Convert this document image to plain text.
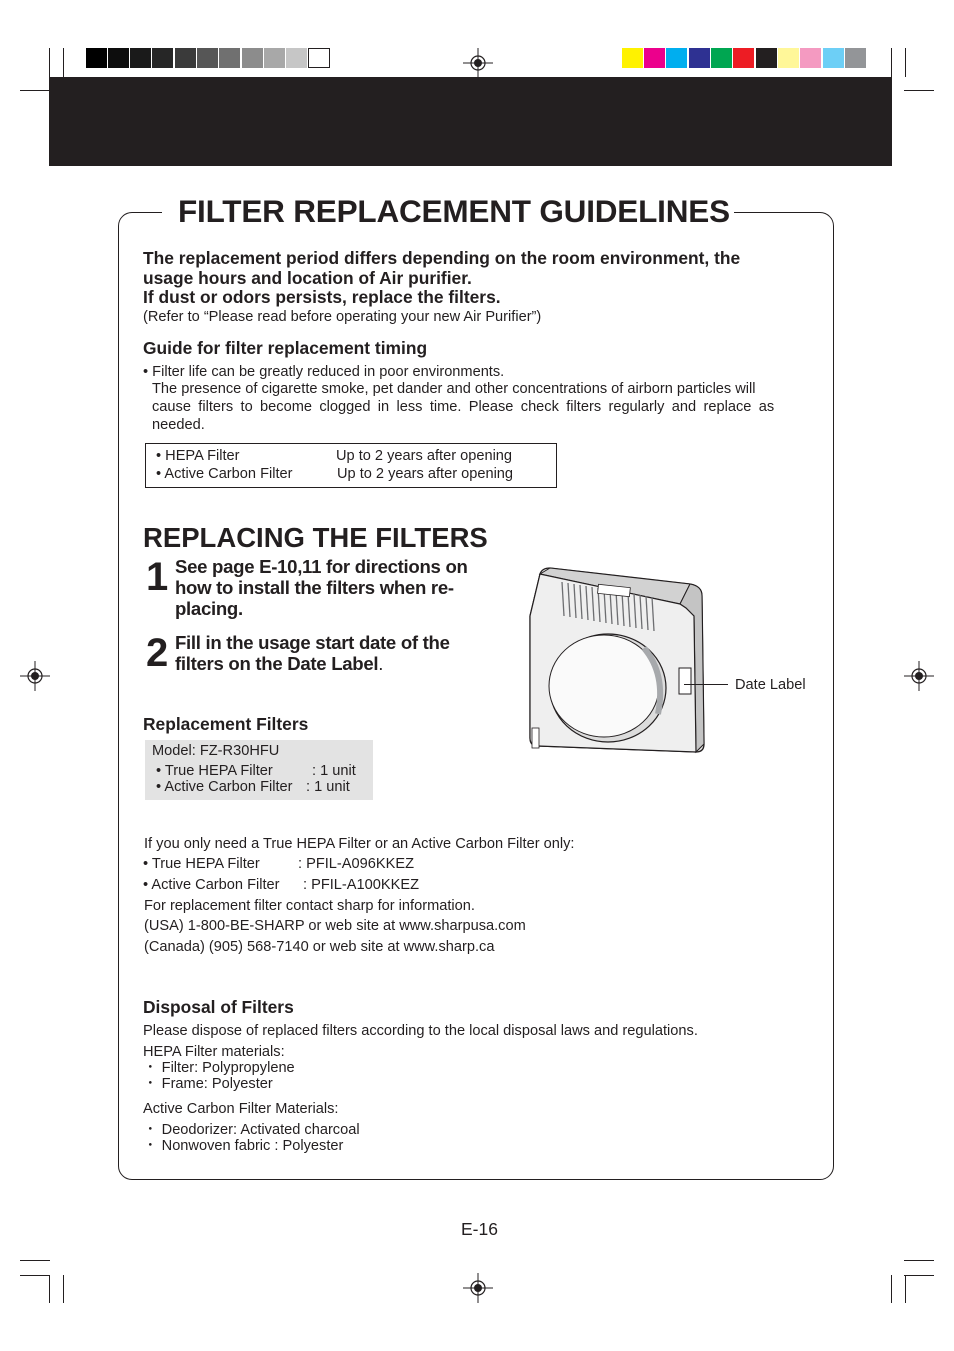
FILTER REPLACEMENT GUIDELINES
The replacement period differs depending on the room environment, the
usage hours and location of Air purifier.
If dust or odors persists, replace the filters.
(Refer to “Please read before operating your new Air Purifier”)
Guide for filter replacement timing
• Filter life can be greatly reduced in poor environments.
The presence of cigarette smoke, pet dander and other concentrations of airborn particles will
cause filters to become clogged in less time. Please check filters regularly and replace as
needed.
• HEPA Filter	Up to 2 years after opening
• Active Carbon Filter	Up to 2 years after opening
REPLACING THE FILTERS
1 See page E-10,11 for directions on
how to install the filters when re-
placing.
2 Fill in the usage start date of the
filters on the Date Label.
Date Label
Replacement Filters
Model: FZ-R30HFU
• True HEPA Filter	: 1 unit
• Active Carbon Filter : 1 unit
If you only need a True HEPA Filter or an Active Carbon Filter only:
• True HEPA Filter	: PFIL-A096KKEZ
• Active Carbon Filter : PFIL-A100KKEZ
For replacement filter contact sharp for information.
(USA) 1-800-BE-SHARP or web site at www.sharpusa.com
(Canada) (905) 568-7140 or web site at www.sharp.ca
Disposal of Filters
Please dispose of replaced filters according to the local disposal laws and regulations.
HEPA Filter materials:
・ Filter: Polypropylene
・ Frame: Polyester
Active Carbon Filter Materials:
・ Deodorizer: Activated charcoal
・ Nonwoven fabric : Polyester
E-16
